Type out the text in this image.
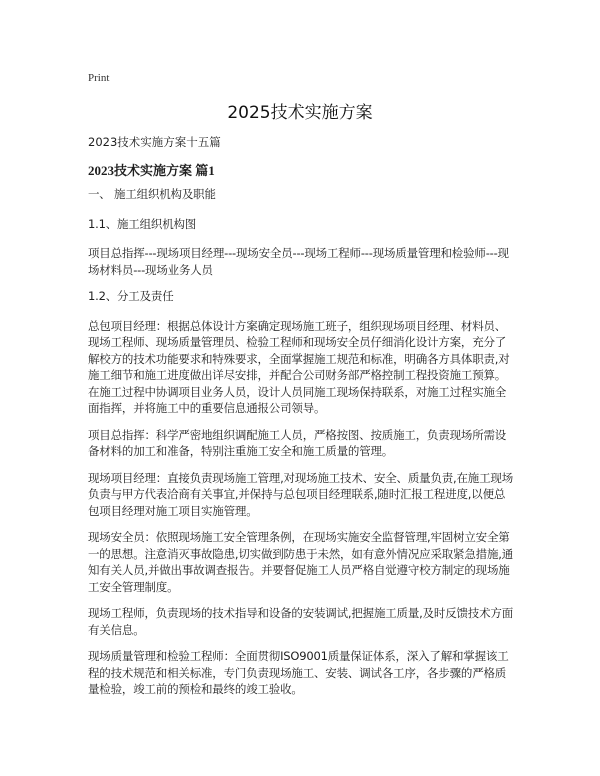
Print
2025技术实施方案

2023技术实施方案十五篇

2023技术实施方案 篇1

一、 施工组织机构及职能

1.1、施工组织机构图

项目总指挥---现场项目经理---现场安全员---现场工程师---现场质量管理和检验师---现场材料员---现场业务人员

1.2、分工及责任

总包项目经理：根据总体设计方案确定现场施工班子，组织现场项目经理、材料员、现场工程师、现场质量管理员、检验工程师和现场安全员仔细消化设计方案，充分了解校方的技术功能要求和特殊要求，全面掌握施工规范和标准，明确各方具体职责,对施工细节和施工进度做出详尽安排，并配合公司财务部严格控制工程投资施工预算。在施工过程中协调项目业务人员，设计人员同施工现场保持联系，对施工过程实施全面指挥，并将施工中的重要信息通报公司领导。

项目总指挥：科学严密地组织调配施工人员，严格按图、按质施工，负责现场所需设备材料的加工和准备，特别注重施工安全和施工质量的管理。

现场项目经理：直接负责现场施工管理,对现场施工技术、安全、质量负责,在施工现场负责与甲方代表洽商有关事宜,并保持与总包项目经理联系,随时汇报工程进度,以便总包项目经理对施工项目实施管理。

现场安全员：依照现场施工安全管理条例，在现场实施安全监督管理,牢固树立安全第一的思想。注意消灭事故隐患,切实做到防患于未然，如有意外情况应采取紧急措施,通知有关人员,并做出事故调查报告。并要督促施工人员严格自觉遵守校方制定的现场施工安全管理制度。

现场工程师，负责现场的技术指导和设备的安装调试,把握施工质量,及时反馈技术方面有关信息。

现场质量管理和检验工程师：全面贯彻ISO9001质量保证体系，深入了解和掌握该工程的技术规范和相关标准，专门负责现场施工、安装、调试各工序，各步骤的严格质量检验，竣工前的预检和最终的竣工验收。
